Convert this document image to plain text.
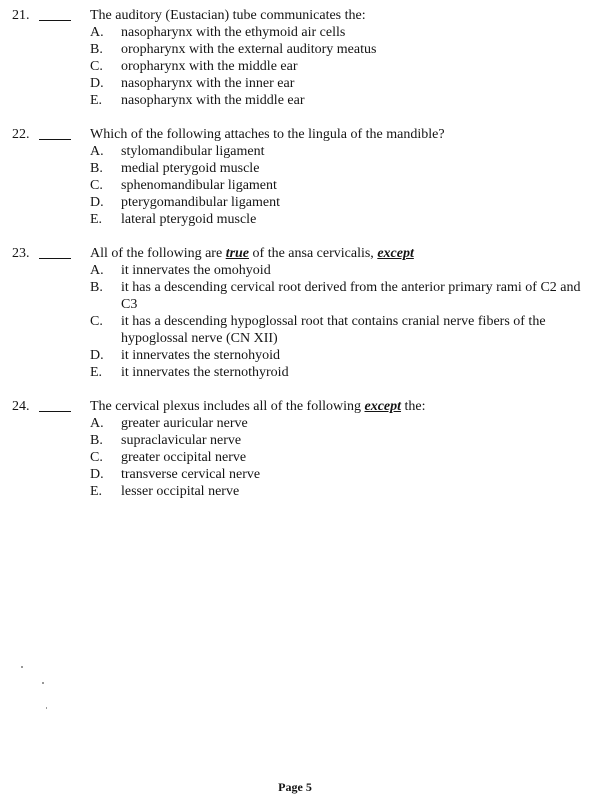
21.	The auditory (Eustacian) tube communicates the:
A. nasopharynx with the ethymoid air cells
B. oropharynx with the external auditory meatus
C. oropharynx with the middle ear
D. nasopharynx with the inner ear
E. nasopharynx with the middle ear
22.	Which of the following attaches to the lingula of the mandible?
A. stylomandibular ligament
B. medial pterygoid muscle
C. sphenomandibular ligament
D. pterygomandibular ligament
E. lateral pterygoid muscle
23.	All of the following are true of the ansa cervicalis, except
A. it innervates the omohyoid
B. it has a descending cervical root derived from the anterior primary rami of C2 and C3
C. it has a descending hypoglossal root that contains cranial nerve fibers of the hypoglossal nerve (CN XII)
D. it innervates the sternohyoid
E. it innervates the sternothyroid
24.	The cervical plexus includes all of the following except the:
A. greater auricular nerve
B. supraclavicular nerve
C. greater occipital nerve
D. transverse cervical nerve
E. lesser occipital nerve
Page 5
